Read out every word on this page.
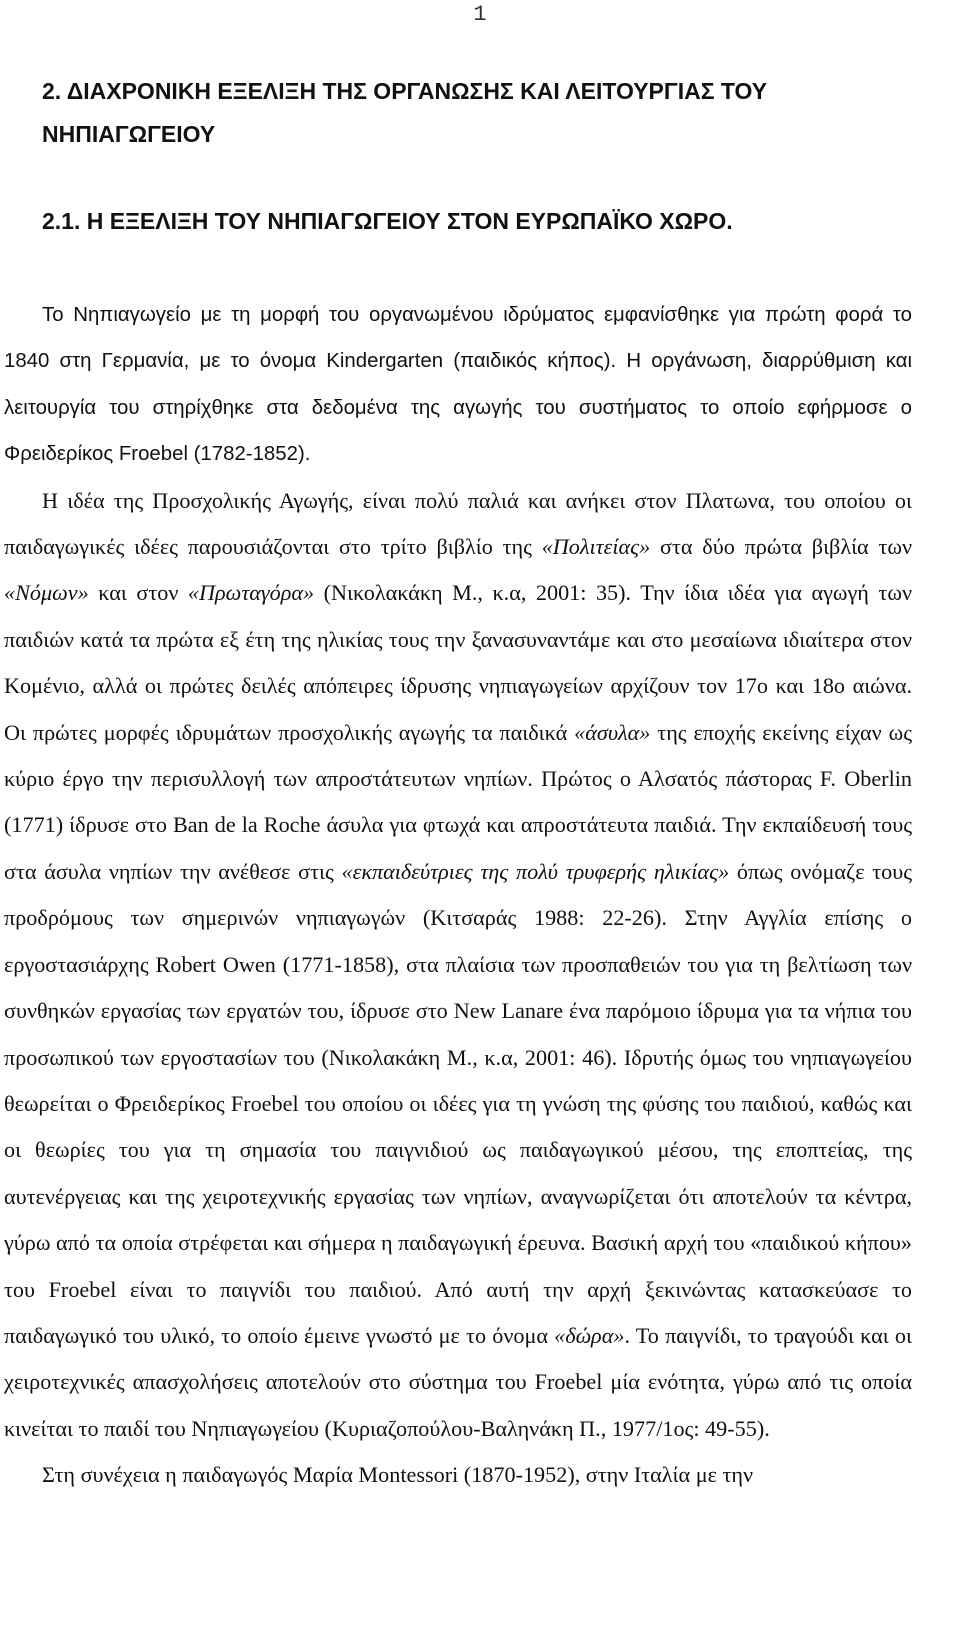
1
2. ΔΙΑΧΡΟΝΙΚΗ ΕΞΕΛΙΞΗ ΤΗΣ ΟΡΓΑΝΩΣΗΣ ΚΑΙ ΛΕΙΤΟΥΡΓΙΑΣ ΤΟΥ ΝΗΠΙΑΓΩΓΕΙΟΥ
2.1. Η ΕΞΕΛΙΞΗ ΤΟΥ ΝΗΠΙΑΓΩΓΕΙΟΥ ΣΤΟΝ ΕΥΡΩΠΑΪΚΟ ΧΩΡΟ.

Το Νηπιαγωγείο με τη μορφή του οργανωμένου ιδρύματος εμφανίσθηκε για πρώτη φορά το 1840 στη Γερμανία, με το όνομα Kindergarten (παιδικός κήπος). Η οργάνωση, διαρρύθμιση και λειτουργία του στηρίχθηκε στα δεδομένα της αγωγής του συστήματος το οποίο εφήρμοσε ο Φρειδερίκος Froebel (1782-1852).

Η ιδέα της Προσχολικής Αγωγής, είναι πολύ παλιά και ανήκει στον Πλατωνα, του οποίου οι παιδαγωγικές ιδέες παρουσιάζονται στο τρίτο βιβλίο της «Πολιτείας» στα δύο πρώτα βιβλία των «Νόμων» και στον «Πρωταγόρα» (Νικολακάκη Μ., κ.α, 2001: 35). Την ίδια ιδέα για αγωγή των παιδιών κατά τα πρώτα εξ έτη της ηλικίας τους την ξανασυναντάμε και στο μεσαίωνα ιδιαίτερα στον Κομένιο, αλλά οι πρώτες δειλές απόπειρες ίδρυσης νηπιαγωγείων αρχίζουν τον 17ο και 18ο αιώνα. Οι πρώτες μορφές ιδρυμάτων προσχολικής αγωγής τα παιδικά «άσυλα» της εποχής εκείνης είχαν ως κύριο έργο την περισυλλογή των απροστάτευτων νηπίων. Πρώτος ο Αλσατός πάστορας F. Oberlin (1771) ίδρυσε στο Ban de la Roche άσυλα για φτωχά και απροστάτευτα παιδιά. Την εκπαίδευσή τους στα άσυλα νηπίων την ανέθεσε στις «εκπαιδεύτριες της πολύ τρυφερής ηλικίας» όπως ονόμαζε τους προδρόμους των σημερινών νηπιαγωγών (Κιτσαράς 1988: 22-26). Στην Αγγλία επίσης ο εργοστασιάρχης Robert Owen (1771-1858), στα πλαίσια των προσπαθειών του για τη βελτίωση των συνθηκών εργασίας των εργατών του, ίδρυσε στο New Lanare ένα παρόμοιο ίδρυμα για τα νήπια του προσωπικού των εργοστασίων του (Νικολακάκη Μ., κ.α, 2001: 46). Ιδρυτής όμως του νηπιαγωγείου θεωρείται ο Φρειδερίκος Froebel του οποίου οι ιδέες για τη γνώση της φύσης του παιδιού, καθώς και οι θεωρίες του για τη σημασία του παιγνιδιού ως παιδαγωγικού μέσου, της εποπτείας, της αυτενέργειας και της χειροτεχνικής εργασίας των νηπίων, αναγνωρίζεται ότι αποτελούν τα κέντρα, γύρω από τα οποία στρέφεται και σήμερα η παιδαγωγική έρευνα. Βασική αρχή του «παιδικού κήπου» του Froebel είναι το παιγνίδι του παιδιού. Από αυτή την αρχή ξεκινώντας κατασκεύασε το παιδαγωγικό του υλικό, το οποίο έμεινε γνωστό με το όνομα «δώρα». Το παιγνίδι, το τραγούδι και οι χειροτεχνικές απασχολήσεις αποτελούν στο σύστημα του Froebel μία ενότητα, γύρω από τις οποία κινείται το παιδί του Νηπιαγωγείου (Κυριαζοπούλου-Βαληνάκη Π., 1977/1ος: 49-55).

Στη συνέχεια η παιδαγωγός Μαρία Montessori (1870-1952), στην Ιταλία με την
